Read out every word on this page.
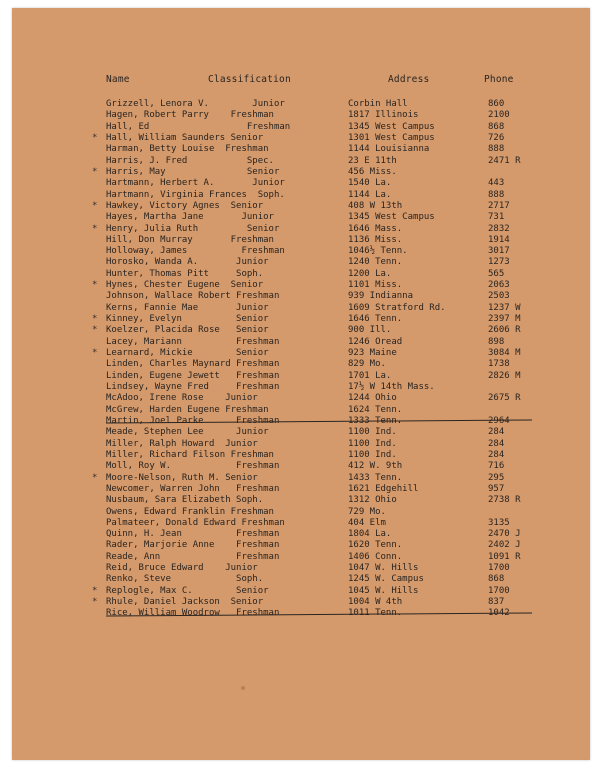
Name	Classification	Address	Phone
Grizzell, Lenora V.        Junior	Corbin Hall	860
Hagen, Robert Parry    Freshman	1817 Illinois	2100
Hall, Ed                  Freshman	1345 West Campus	868
* Hall, William Saunders Senior	1301 West Campus	726
Harman, Betty Louise  Freshman	1144 Louisianna	888
Harris, J. Fred           Spec.	23 E 11th	2471 R
* Harris, May               Senior	456 Miss.
Hartmann, Herbert A.       Junior	1540 La.	443
Hartmann, Virginia Frances  Soph.	1144 La.	888
* Hawkey, Victory Agnes  Senior	408 W 13th	2717
Hayes, Martha Jane       Junior	1345 West Campus	731
* Henry, Julia Ruth         Senior	1646 Mass.	2832
Hill, Don Murray       Freshman	1136 Miss.	1914
Holloway, James          Freshman	1046½ Tenn.	3017
Horosko, Wanda A.       Junior	1240 Tenn.	1273
Hunter, Thomas Pitt     Soph.	1200 La.	565
* Hynes, Chester Eugene  Senior	1101 Miss.	2063
Johnson, Wallace Robert Freshman	939 Indianna	2503
Kerns, Fannie Mae       Junior	1609 Stratford Rd.	1237 W
* Kinney, Evelyn          Senior	1646 Tenn.	2397 M
* Koelzer, Placida Rose   Senior	900 Ill.	2606 R
Lacey, Mariann          Freshman	1246 Oread	898
* Learnard, Mickie        Senior	923 Maine	3084 M
Linden, Charles Maynard Freshman	829 Mo.	1738
Linden, Eugene Jewett   Freshman	1701 La.	2826 M
Lindsey, Wayne Fred     Freshman	17½ W 14th Mass.
McAdoo, Irene Rose    Junior	1244 Ohio	2675 R
McGrew, Harden Eugene Freshman	1624 Tenn.
Martin, Joel Parke      Freshman	1333 Tenn.	2964
Meade, Stephen Lee      Junior	1100 Ind.	284
Miller, Ralph Howard  Junior	1100 Ind.	284
Miller, Richard Filson Freshman	1100 Ind.	284
Moll, Roy W.            Freshman	412 W. 9th	716
* Moore-Nelson, Ruth M. Senior	1433 Tenn.	295
Newcomer, Warren John   Freshman	1621 Edgehill	957
Nusbaum, Sara Elizabeth Soph.	1312 Ohio	2738 R
Owens, Edward Franklin Freshman	729 Mo.
Palmateer, Donald Edward Freshman	404 Elm	3135
Quinn, H. Jean          Freshman	1804 La.	2470 J
Rader, Marjorie Anne    Freshman	1620 Tenn.	2402 J
Reade, Ann              Freshman	1406 Conn.	1091 R
Reid, Bruce Edward    Junior	1047 W. Hills	1700
Renko, Steve            Soph.	1245 W. Campus	868
* Replogle, Max C.        Senior	1045 W. Hills	1700
* Rhule, Daniel Jackson  Senior	1004 W 4th	837
Rice, William Woodrow   Freshman	1011 Tenn.	1042
